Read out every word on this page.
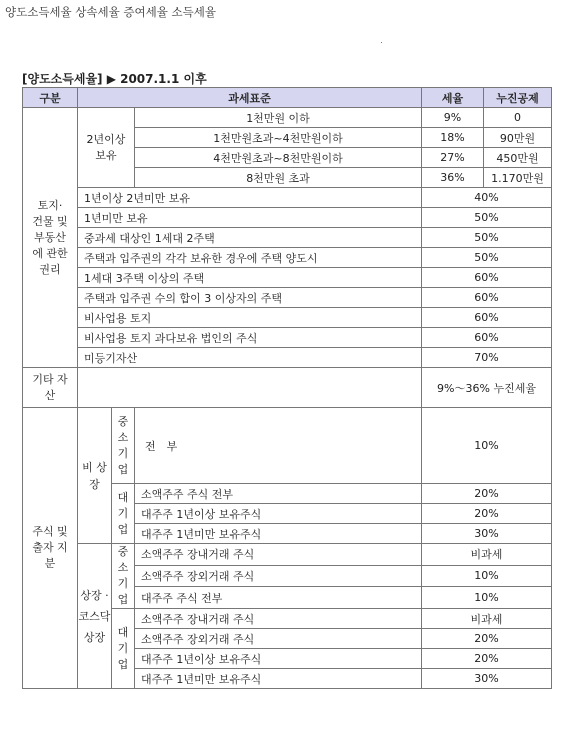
양도소득세율 상속세율 증여세율 소득세율
[양도소득세율] ▶ 2007.1.1 이후
구분	과세표준			세율	누진공제
토지· 건물 및 부동산에 관한 권리	2년이상 보유		1천만원 이하	9%	0
			1천만원초과~4천만원이하	18%	90만원
			4천만원초과~8천만원이하	27%	450만원
			8천만원 초과	36%	1.170만원
	1년이상 2년미만 보유			40%	
	1년미만 보유			50%	
	중과세 대상인 1세대 2주택			50%	
	주택과 입주권의 각각 보유한 경우에 주택 양도시			50%	
	1세대 3주택 이상의 주택			60%	
	주택과 입주권 수의 합이 3 이상자의 주택			60%	
	비사업용 토지			60%	
	비사업용 토지 과다보유 법인의 주식			60%	
	미등기자산			70%	
기타 자산				9%～36% 누진세율	
주식 및 출자 지분	비 상 장	중 소 기 업	전　부	10%	
		대 기 업	소액주주 주식 전부	20%	
			대주주 1년이상 보유주식	20%	
			대주주 1년미만 보유주식	30%	
	상장 · 코스닥상장	중 소 기 업	소액주주 장내거래 주식	비과세	
			소액주주 장외거래 주식	10%	
			대주주 주식 전부	10%	
		대 기 업	소액주주 장내거래 주식	비과세	
			소액주주 장외거래 주식	20%	
			대주주 1년이상 보유주식	20%	
			대주주 1년미만 보유주식	30%	
